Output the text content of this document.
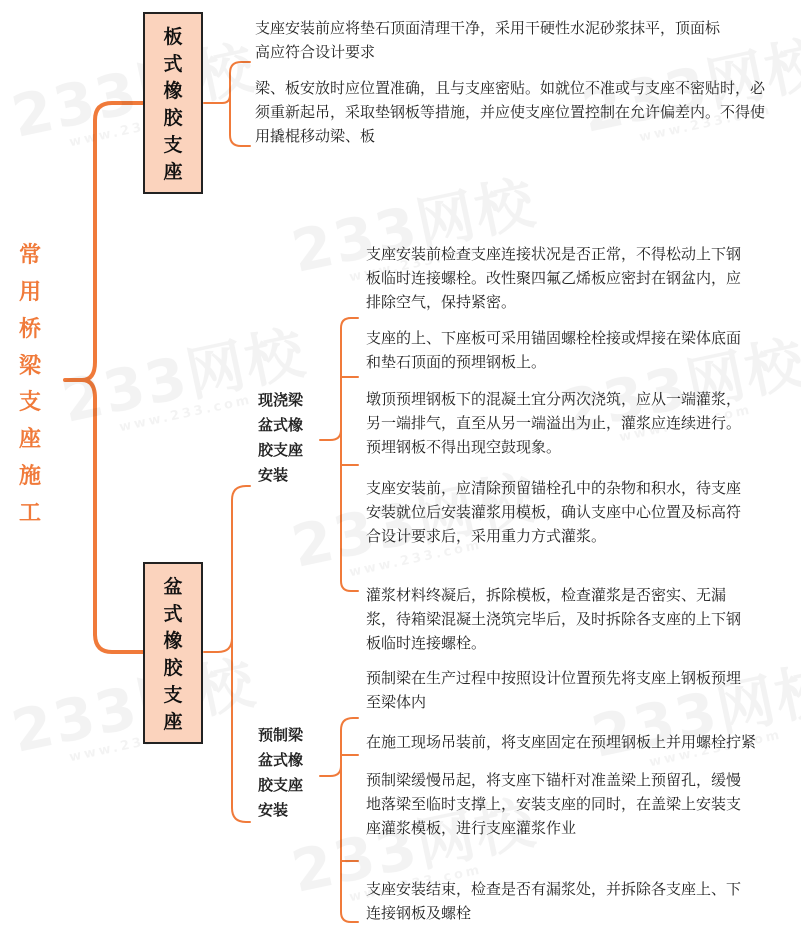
常
用
桥
梁
支
座
施
工
板
式
橡
胶
支
座
支座安装前应将垫石顶面清理干净，采用干硬性水泥砂浆抹平，顶面标高应符合设计要求
梁、板安放时应位置准确，且与支座密贴。如就位不准或与支座不密贴时，必须重新起吊，采取垫钢板等措施，并应使支座位置控制在允许偏差内。不得使用撬棍移动梁、板
盆
式
橡
胶
支
座
现浇梁
盆式橡
胶支座
安装
预制梁
盆式橡
胶支座
安装
支座安装前检查支座连接状况是否正常，不得松动上下钢板临时连接螺栓。改性聚四氟乙烯板应密封在钢盆内，应排除空气，保持紧密。
支座的上、下座板可采用锚固螺栓栓接或焊接在梁体底面和垫石顶面的预埋钢板上。
墩顶预埋钢板下的混凝土宜分两次浇筑，应从一端灌浆，另一端排气，直至从另一端溢出为止，灌浆应连续进行。预埋钢板不得出现空鼓现象。
支座安装前，应清除预留锚栓孔中的杂物和积水，待支座安装就位后安装灌浆用模板，确认支座中心位置及标高符合设计要求后，采用重力方式灌浆。
灌浆材料终凝后，拆除模板，检查灌浆是否密实、无漏浆，待箱梁混凝土浇筑完毕后，及时拆除各支座的上下钢板临时连接螺栓。
预制梁在生产过程中按照设计位置预先将支座上钢板预埋至梁体内
在施工现场吊装前，将支座固定在预埋钢板上并用螺栓拧紧
预制梁缓慢吊起，将支座下锚杆对准盖梁上预留孔，缓慢地落梁至临时支撑上，安装支座的同时，在盖梁上安装支座灌浆模板，进行支座灌浆作业
支座安装结束，检查是否有漏浆处，并拆除各支座上、下连接钢板及螺栓
